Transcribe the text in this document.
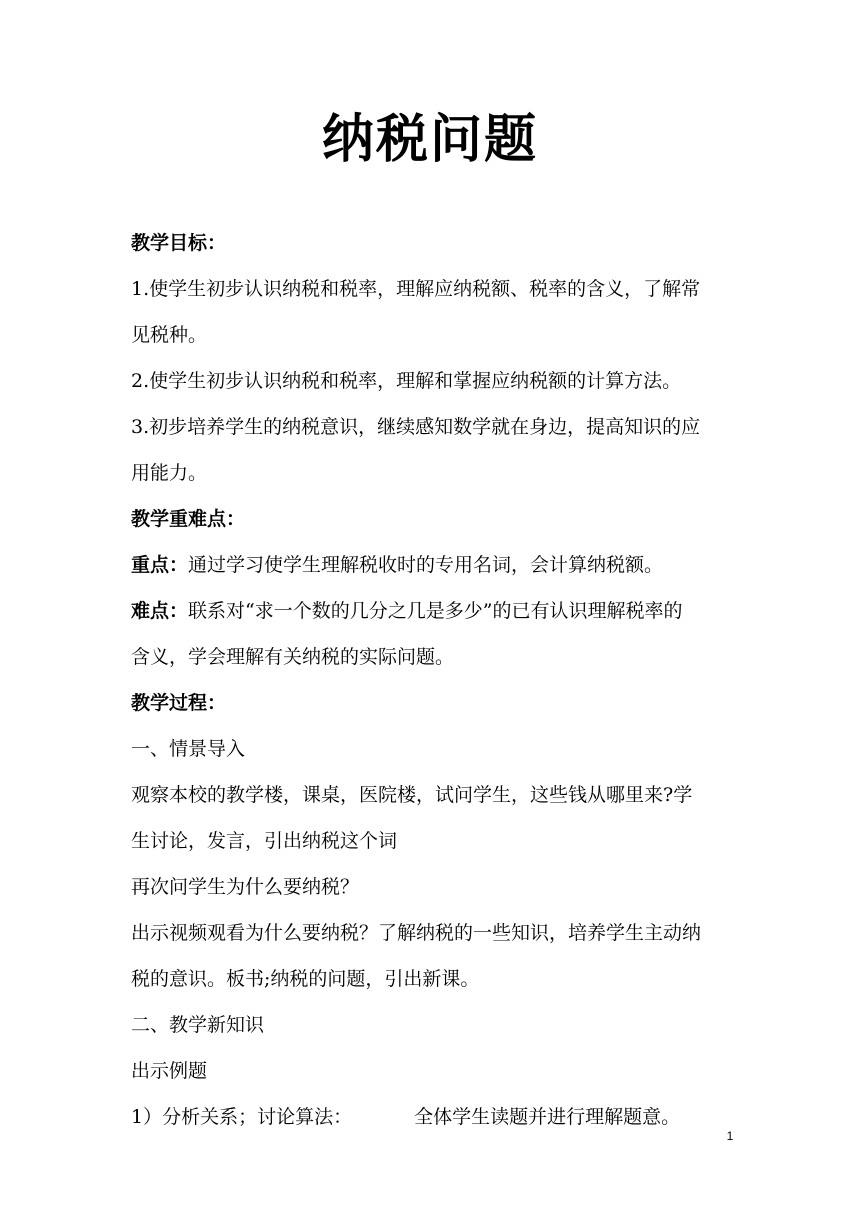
纳税问题

教学目标：

1.使学生初步认识纳税和税率，理解应纳税额、税率的含义，了解常

见税种。

2.使学生初步认识纳税和税率，理解和掌握应纳税额的计算方法。

3.初步培养学生的纳税意识，继续感知数学就在身边，提高知识的应

用能力。

教学重难点：

重点：通过学习使学生理解税收时的专用名词，会计算纳税额。

难点：联系对“求一个数的几分之几是多少”的已有认识理解税率的

含义，学会理解有关纳税的实际问题。

教学过程：

一、情景导入

观察本校的教学楼，课桌，医院楼，试问学生，这些钱从哪里来?学

生讨论，发言，引出纳税这个词

再次问学生为什么要纳税？

出示视频观看为什么要纳税？了解纳税的一些知识，培养学生主动纳

税的意识。板书;纳税的问题，引出新课。

二、教学新知识

出示例题

1）分析关系；讨论算法：	全体学生读题并进行理解题意。

1
